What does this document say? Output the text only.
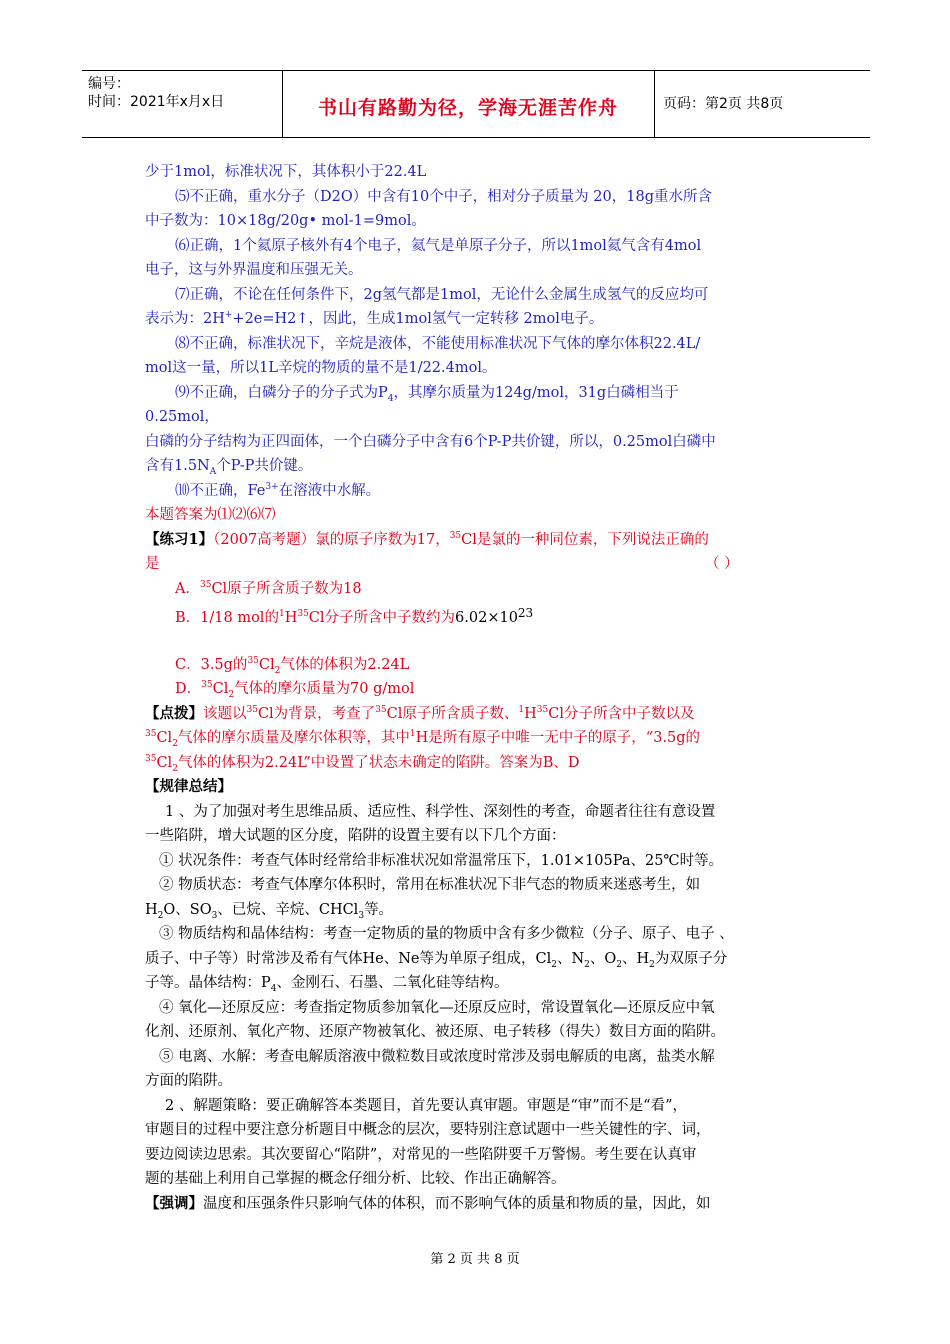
编号：
时间：2021年x月x日	书山有路勤为径，学海无涯苦作舟	页码：第2页 共8页

少于1mol，标准状况下，其体积小于22.4L

⑸不正确，重水分子（D2O）中含有10个中子，相对分子质量为 20，18g重水所含

中子数为：10×18g/20g• mol-1=9mol。

⑹正确，1个氦原子核外有4个电子，氦气是单原子分子，所以1mol氦气含有4mol

电子，这与外界温度和压强无关。

⑺正确，不论在任何条件下，2g氢气都是1mol，无论什么金属生成氢气的反应均可

表示为：2H++2e=H2↑，因此，生成1mol氢气一定转移 2mol电子。

⑻不正确，标准状况下，辛烷是液体，不能使用标准状况下气体的摩尔体积22.4L/

mol这一量，所以1L辛烷的物质的量不是1/22.4mol。

⑼不正确，白磷分子的分子式为$P_4$，其摩尔质量为124g/mol，31g白磷相当于

0.25mol，

白磷的分子结构为正四面体，一个白磷分子中含有6个P-P共价键，所以，0.25mol白磷中

含有$1.5N_A$个P-P共价键。

⑽不正确，$Fe^{3+}$在溶液中水解。

本题答案为⑴⑵⑹⑺

【练习1】（2007高考题）氯的原子序数为17，$^{35}$Cl是氯的一种同位素，下列说法正确的

是	（ ）

A．$^{35}$Cl原子所含质子数为18

B．1/18 mol的$^1H^{35}Cl$分子所含中子数约为$6.02\times 10^{23}$

C．3.5g的$^{35}Cl_2$气体的体积为2.24L

D．$^{35}Cl_2$气体的摩尔质量为70 g/mol

【点拨】该题以$^{35}$Cl为背景，考查了$^{35}$Cl原子所含质子数、$^1H^{35}Cl$分子所含中子数以及

$^{35}Cl_2$气体的摩尔质量及摩尔体积等，其中$^1$H是所有原子中唯一无中子的原子，“3.5g的

$^{35}Cl_2$气体的体积为2.24L”中设置了状态未确定的陷阱。答案为B、D

【规律总结】

1 、为了加强对考生思维品质、适应性、科学性、深刻性的考查，命题者往往有意设置

一些陷阱，增大试题的区分度，陷阱的设置主要有以下几个方面：

① 状况条件：考查气体时经常给非标准状况如常温常压下，1.01×105Pa、25℃时等。

② 物质状态：考查气体摩尔体积时，常用在标准状况下非气态的物质来迷惑考生，如

$H_2O$、$SO_3$、已烷、辛烷、CHCl$_3$等。

③ 物质结构和晶体结构：考查一定物质的量的物质中含有多少微粒（分子、原子、电子 、

质子、中子等）时常涉及希有气体He、Ne等为单原子组成，$Cl_2$、$N_2$、$O_2$、$H_2$为双原子分

子等。晶体结构：$P_4$、金刚石、石墨、二氧化硅等结构。

④ 氧化—还原反应：考查指定物质参加氧化—还原反应时，常设置氧化—还原反应中氧

化剂、还原剂、氧化产物、还原产物被氧化、被还原、电子转移（得失）数目方面的陷阱。

⑤ 电离、水解：考查电解质溶液中微粒数目或浓度时常涉及弱电解质的电离，盐类水解

方面的陷阱。

2 、解题策略：要正确解答本类题目，首先要认真审题。审题是“审”而不是“看”，

审题目的过程中要注意分析题目中概念的层次，要特别注意试题中一些关键性的字、词，

要边阅读边思索。其次要留心“陷阱”，对常见的一些陷阱要千万警惕。考生要在认真审

题的基础上利用自己掌握的概念仔细分析、比较、作出正确解答。

【强调】温度和压强条件只影响气体的体积，而不影响气体的质量和物质的量，因此，如

第 2 页 共 8 页
